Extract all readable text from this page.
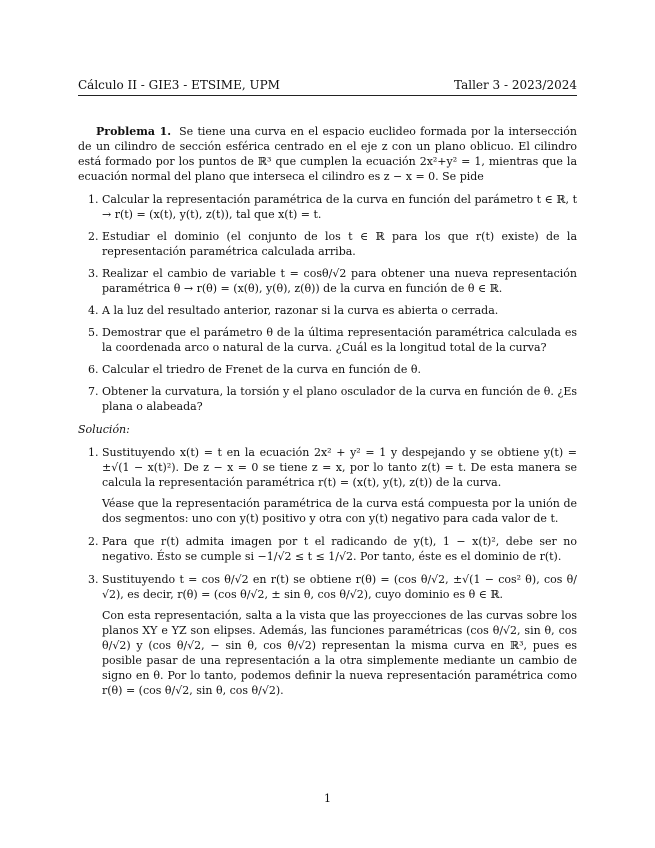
Cálculo II - GIE3 - ETSIME, UPM	Taller 3 - 2023/2024

Problema 1. Se tiene una curva en el espacio euclideo formada por la intersección de un cilindro de sección esférica centrado en el eje z con un plano oblicuo. El cilindro está formado por los puntos de ℝ³ que cumplen la ecuación 2x²+y² = 1, mientras que la ecuación normal del plano que interseca el cilindro es z − x = 0. Se pide

1. Calcular la representación paramétrica de la curva en función del parámetro t ∈ ℝ, t → r(t) = (x(t), y(t), z(t)), tal que x(t) = t.
2. Estudiar el dominio (el conjunto de los t ∈ ℝ para los que r(t) existe) de la representación paramétrica calculada arriba.
3. Realizar el cambio de variable t = cosθ/√2 para obtener una nueva representación paramétrica θ → r(θ) = (x(θ), y(θ), z(θ)) de la curva en función de θ ∈ ℝ.
4. A la luz del resultado anterior, razonar si la curva es abierta o cerrada.
5. Demostrar que el parámetro θ de la última representación paramétrica calculada es la coordenada arco o natural de la curva. ¿Cuál es la longitud total de la curva?
6. Calcular el triedro de Frenet de la curva en función de θ.
7. Obtener la curvatura, la torsión y el plano osculador de la curva en función de θ. ¿Es plana o alabeada?
Solución:
1. Sustituyendo x(t) = t en la ecuación 2x² + y² = 1 y despejando y se obtiene y(t) = ±√(1 − x(t)²). De z − x = 0 se tiene z = x, por lo tanto z(t) = t. De esta manera se calcula la representación paramétrica r(t) = (x(t), y(t), z(t)) de la curva.

Véase que la representación paramétrica de la curva está compuesta por la unión de dos segmentos: uno con y(t) positivo y otra con y(t) negativo para cada valor de t.

2. Para que r(t) admita imagen por t el radicando de y(t), 1 − x(t)², debe ser no negativo. Ésto se cumple si −1/√2 ≤ t ≤ 1/√2. Por tanto, éste es el dominio de r(t).

3. Sustituyendo t = cos θ/√2 en r(t) se obtiene r(θ) = (cos θ/√2, ±√(1 − cos² θ), cos θ/√2), es decir, r(θ) = (cos θ/√2, ± sin θ, cos θ/√2), cuyo dominio es θ ∈ ℝ.

Con esta representación, salta a la vista que las proyecciones de las curvas sobre los planos XY e YZ son elipses. Además, las funciones paramétricas (cos θ/√2, sin θ, cos θ/√2) y (cos θ/√2, − sin θ, cos θ/√2) representan la misma curva en ℝ³, pues es posible pasar de una representación a la otra simplemente mediante un cambio de signo en θ. Por lo tanto, podemos definir la nueva representación paramétrica como r(θ) = (cos θ/√2, sin θ, cos θ/√2).

1
